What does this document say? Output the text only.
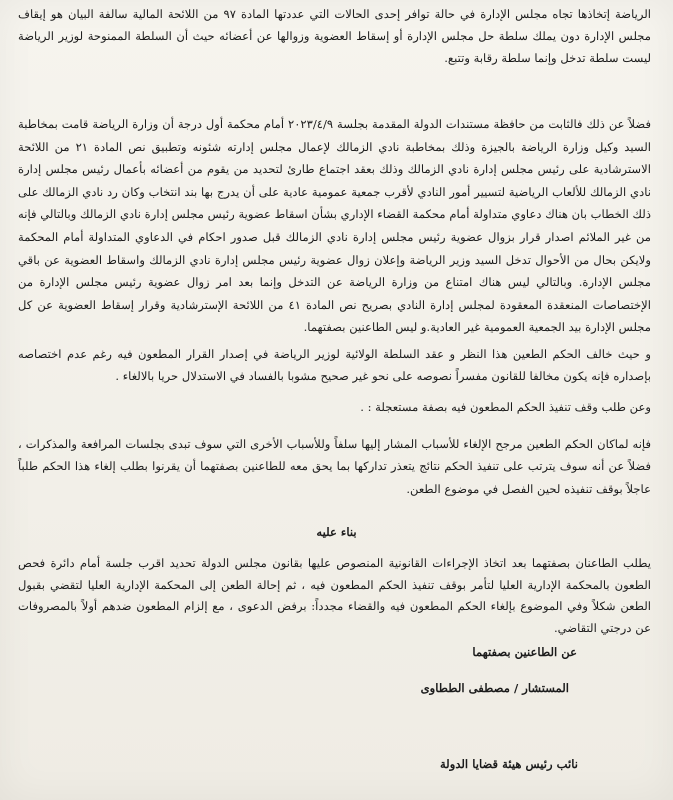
الرياضة إتخاذها تجاه مجلس الإدارة في حالة توافر إحدى الحالات التي عددتها المادة ٩٧ من اللائحة المالية سالفة البيان هو إيقاف مجلس الإدارة دون يملك سلطة حل مجلس الإدارة أو إسقاط العضوية وزوالها عن أعضائه حيث أن السلطة الممنوحة لوزير الرياضة ليست سلطة تدخل وإنما سلطة رقابة وتتبع.

فضلاً عن ذلك فالثابت من حافظة مستندات الدولة المقدمة بجلسة ٢٠٢٣/٤/٩ أمام محكمة أول درجة أن وزارة الرياضة قامت بمخاطبة السيد وكيل وزارة الرياضة بالجيزة وذلك بمخاطبة نادي الزمالك لإعمال مجلس إدارته شئونه وتطبيق نص المادة ٢١ من اللائحة الاسترشادية على رئيس مجلس إدارة نادي الزمالك وذلك بعقد اجتماع طارئ لتحديد من يقوم من أعضائه بأعمال رئيس مجلس إدارة نادي الزمالك للألعاب الرياضية لتسيير أمور النادي لأقرب جمعية عمومية عادية على أن يدرج بها بند انتخاب وكان رد نادي الزمالك على ذلك الخطاب بان هناك دعاوي متداولة أمام محكمة القضاء الإداري بشأن اسقاط عضوية رئيس مجلس إدارة نادي الزمالك وبالتالي فإنه من غير الملائم اصدار قرار بزوال عضوية رئيس مجلس إدارة نادي الزمالك قبل صدور احكام في الدعاوي المتداولة أمام المحكمة ولايكن بحال من الأحوال تدخل السيد وزير الرياضة وإعلان زوال عضوية رئيس مجلس إدارة نادي الزمالك واسقاط العضوية عن باقي مجلس الإدارة. وبالتالي ليس هناك امتناع من وزارة الرياضة عن التدخل وإنما بعد امر زوال عضوية رئيس مجلس الإدارة من الإختصاصات المنعقدة المعقودة لمجلس إدارة النادي بصريح نص المادة ٤١ من اللائحة الإسترشادية وقرار إسقاط العضوية عن كل مجلس الإدارة بيد الجمعية العمومية غير العادية.و ليس الطاعنين بصفتهما.

و حيث خالف الحكم الطعين هذا النظر و عقد السلطة الولائية لوزير الرياضة في إصدار القرار المطعون فيه رغم عدم اختصاصه بإصداره فإنه يكون مخالفا للقانون مفسراً نصوصه على نحو غير صحيح مشوبا بالفساد في الاستدلال حريا بالالغاء .

وعن طلب وقف تنفيذ الحكم المطعون فيه بصفة مستعجلة : .

فإنه لماكان الحكم الطعين مرجح الإلغاء للأسباب المشار إليها سلفاً وللأسباب الأخرى التي سوف تبدى بجلسات المرافعة والمذكرات ، فضلاً عن أنه سوف يترتب على تنفيذ الحكم نتائج يتعذر تداركها بما يحق معه للطاعنين بصفتهما أن يقرنوا بطلب إلغاء هذا الحكم طلباً عاجلاً بوقف تنفيذه لحين الفصل في موضوع الطعن.

بناء عليه

يطلب الطاعنان بصفتهما بعد اتخاذ الإجراءات القانونية المنصوص عليها بقانون مجلس الدولة تحديد اقرب جلسة أمام دائرة فحص الطعون بالمحكمة الإدارية العليا لتأمر بوقف تنفيذ الحكم المطعون فيه ، ثم إحالة الطعن إلى المحكمة الإدارية العليا لتقضي بقبول الطعن شكلاً وفي الموضوع بإلغاء الحكم المطعون فيه والقضاء مجدداً: برفض الدعوى ، مع إلزام المطعون ضدهم أولاً بالمصروفات عن درجتي التقاضي.

عن الطاعنين بصفتهما
المستشار / مصطفى الططاوى
نائب رئيس هيئة قضايا الدولة
